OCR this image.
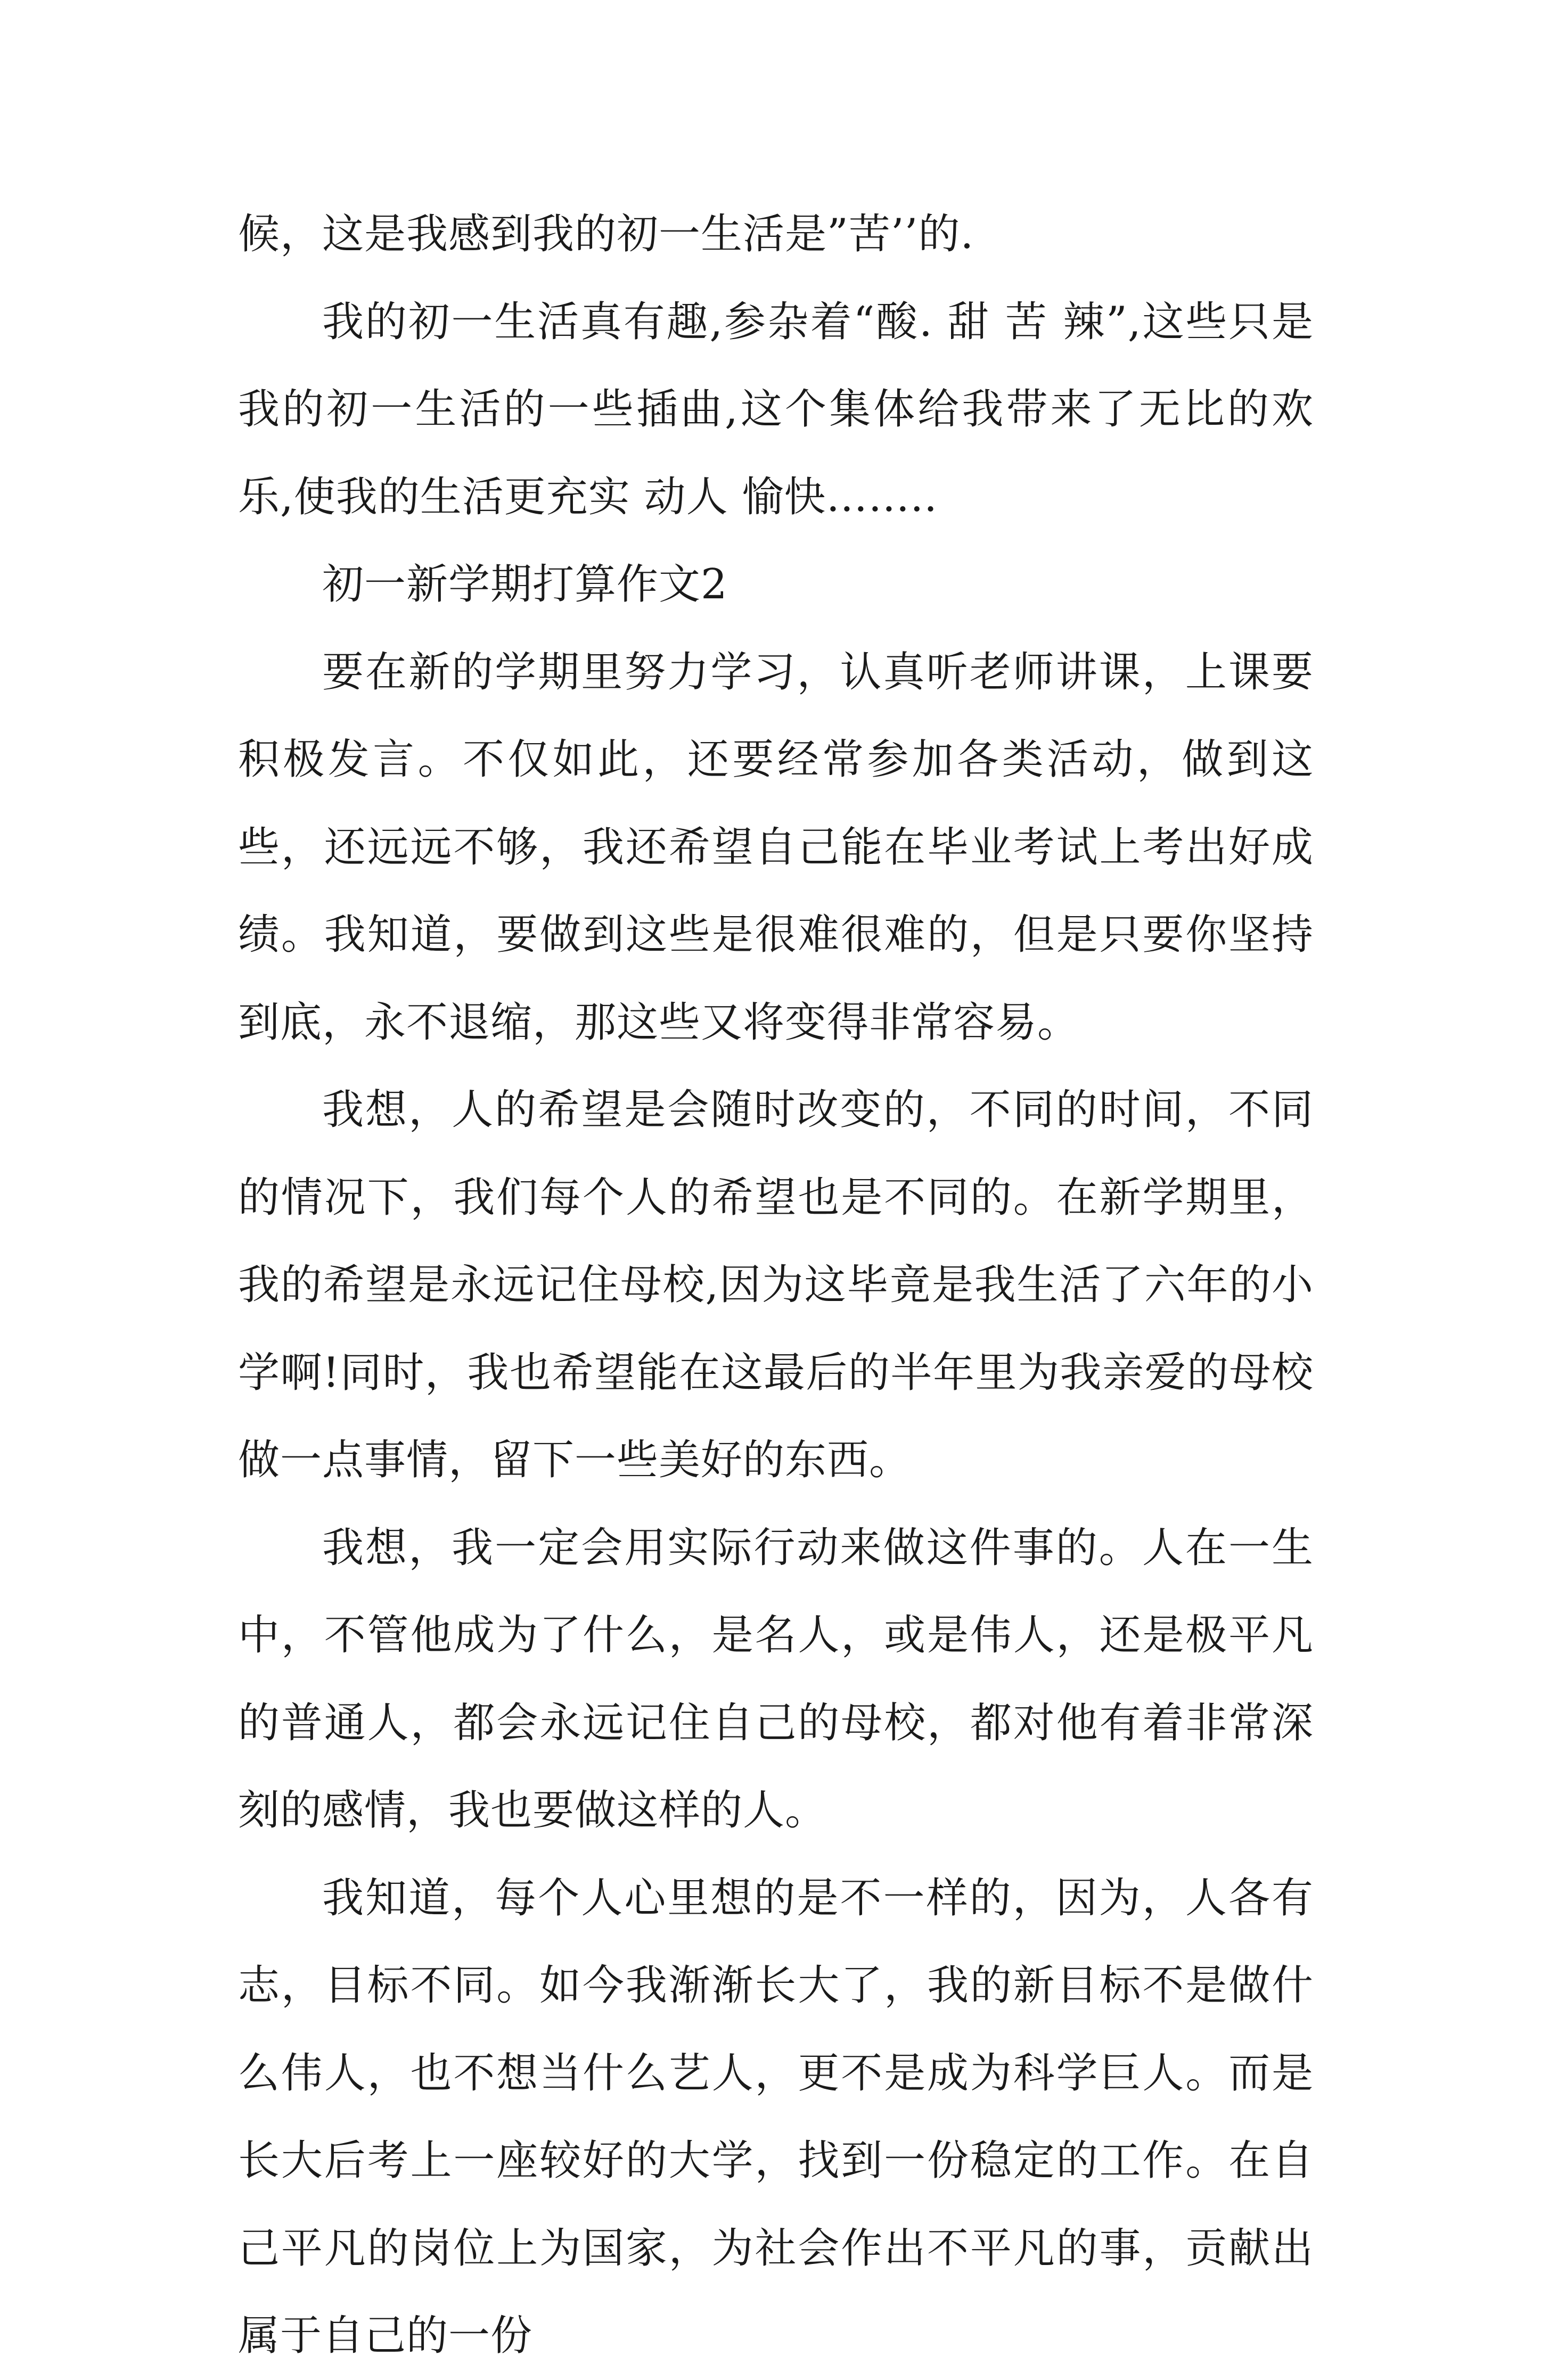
候，这是我感到我的初一生活是”苦’’的.

我的初一生活真有趣,参杂着“酸. 甜 苦 辣”,这些只是我的初一生活的一些插曲,这个集体给我带来了无比的欢乐,使我的生活更充实 动人 愉快……..

初一新学期打算作文2

要在新的学期里努力学习，认真听老师讲课，上课要积极发言。不仅如此，还要经常参加各类活动，做到这些，还远远不够，我还希望自己能在毕业考试上考出好成绩。我知道，要做到这些是很难很难的，但是只要你坚持到底，永不退缩，那这些又将变得非常容易。

我想，人的希望是会随时改变的，不同的时间，不同的情况下，我们每个人的希望也是不同的。在新学期里，我的希望是永远记住母校,因为这毕竟是我生活了六年的小学啊!同时，我也希望能在这最后的半年里为我亲爱的母校做一点事情，留下一些美好的东西。

我想，我一定会用实际行动来做这件事的。人在一生中，不管他成为了什么，是名人，或是伟人，还是极平凡的普通人，都会永远记住自己的母校，都对他有着非常深刻的感情，我也要做这样的人。

我知道，每个人心里想的是不一样的，因为，人各有志，目标不同。如今我渐渐长大了，我的新目标不是做什么伟人，也不想当什么艺人，更不是成为科学巨人。而是长大后考上一座较好的大学，找到一份稳定的工作。在自己平凡的岗位上为国家，为社会作出不平凡的事，贡献出属于自己的一份
